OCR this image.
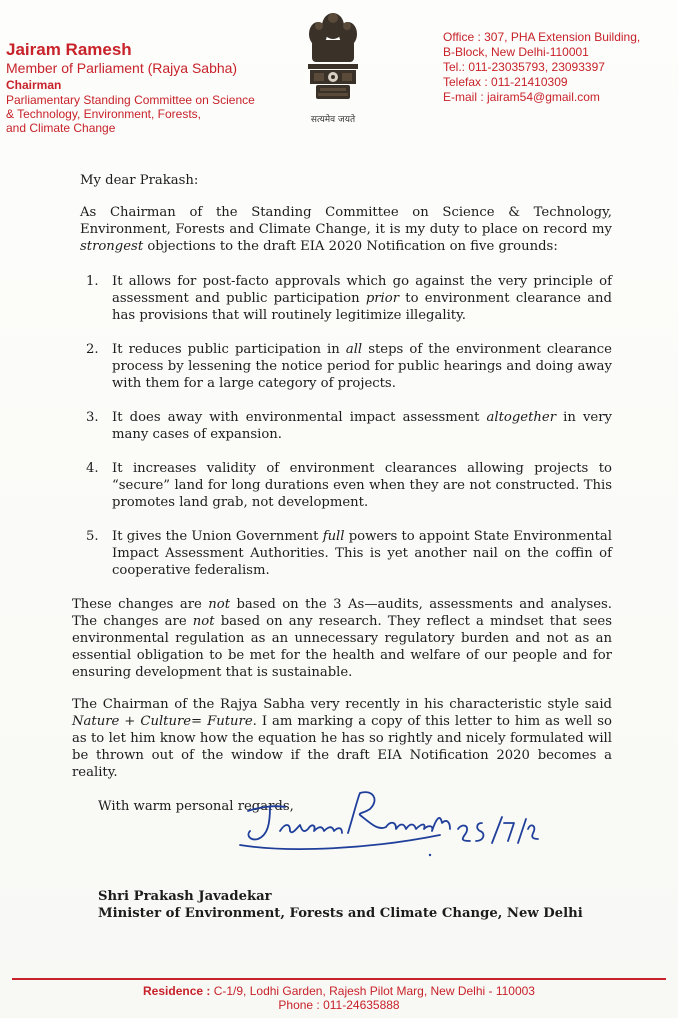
Jairam Ramesh
Member of Parliament (Rajya Sabha)
Chairman
Parliamentary Standing Committee on Science
& Technology, Environment, Forests,
and Climate Change
सत्यमेव जयते
Office : 307, PHA Extension Building,
B-Block, New Delhi-110001
Tel.: 011-23035793, 23093397
Telefax : 011-21410309
E-mail : jairam54@gmail.com

My dear Prakash:

As Chairman of the Standing Committee on Science & Technology, Environment, Forests and Climate Change, it is my duty to place on record my strongest objections to the draft EIA 2020 Notification on five grounds:

1. It allows for post-facto approvals which go against the very principle of assessment and public participation prior to environment clearance and has provisions that will routinely legitimize illegality.
2. It reduces public participation in all steps of the environment clearance process by lessening the notice period for public hearings and doing away with them for a large category of projects.
3. It does away with environmental impact assessment altogether in very many cases of expansion.
4. It increases validity of environment clearances allowing projects to “secure” land for long durations even when they are not constructed. This promotes land grab, not development.
5. It gives the Union Government full powers to appoint State Environmental Impact Assessment Authorities. This is yet another nail on the coffin of cooperative federalism.

These changes are not based on the 3 As—audits, assessments and analyses. The changes are not based on any research. They reflect a mindset that sees environmental regulation as an unnecessary regulatory burden and not as an essential obligation to be met for the health and welfare of our people and for ensuring development that is sustainable.

The Chairman of the Rajya Sabha very recently in his characteristic style said Nature + Culture= Future. I am marking a copy of this letter to him as well so as to let him know how the equation he has so rightly and nicely formulated will be thrown out of the window if the draft EIA Notification 2020 becomes a reality.

With warm personal regards,
Shri Prakash Javadekar
Minister of Environment, Forests and Climate Change, New Delhi
Residence : C-1/9, Lodhi Garden, Rajesh Pilot Marg, New Delhi - 110003
Phone : 011-24635888
